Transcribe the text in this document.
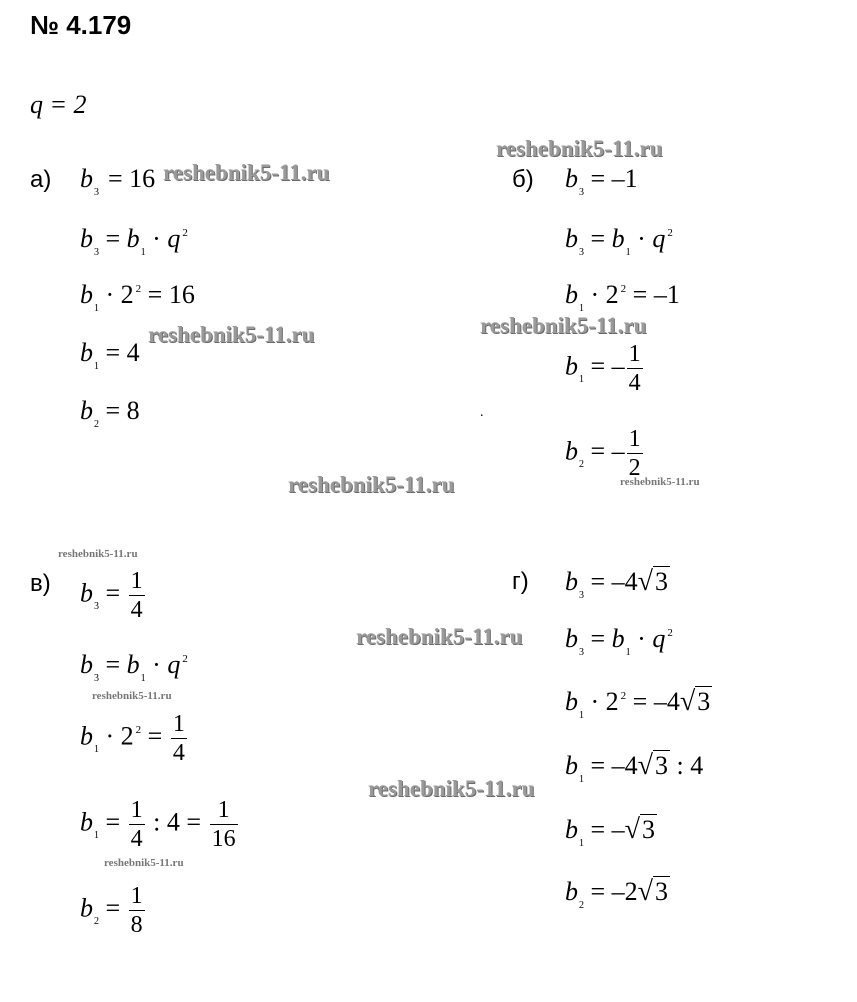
№ 4.179
q = 2
а) $b_3 = 16$
$b_3 = b_1 \cdot q$ $^2$
$b_1 \cdot 2$ $^2$ = 16
$b_1 = 4$
$b_2 = 8$
б) $b_3 = -1$
$b_3 = b_1 \cdot q$ $^2$
$b_1 \cdot 2$ $^2$ = –1
$b_1$ = – $\frac{1}{4}$
$b_2$ = – $\frac{1}{2}$
.
в) $b_3 = \frac{1}{4}$
$b_3 = b_1 \cdot q$ $^2$
$b_1 \cdot 2$ $^2 = \frac{1}{4}$
$b_1 = \frac{1}{4}$ : $4 = \frac{1}{16}$
$b_2 = \frac{1}{8}$
г) $b_3 = -4√3$
$b_3 = b_1 \cdot q$ $^2$
$b_1 \cdot 2$ $^2$ = –4√3
$b_1 = -4√3$ : 4
$b_1 = -√3$
$b_2 = -2√3$
reshebnik5-11.ru
reshebnik5-11.ru
reshebnik5-11.ru	reshebnik5-11.ru
reshebnik5-11.ru	reshebnik5-11.ru
reshebnik5-11.ru
reshebnik5-11.ru
reshebnik5-11.ru
reshebnik5-11.ru
reshebnik5-11.ru
